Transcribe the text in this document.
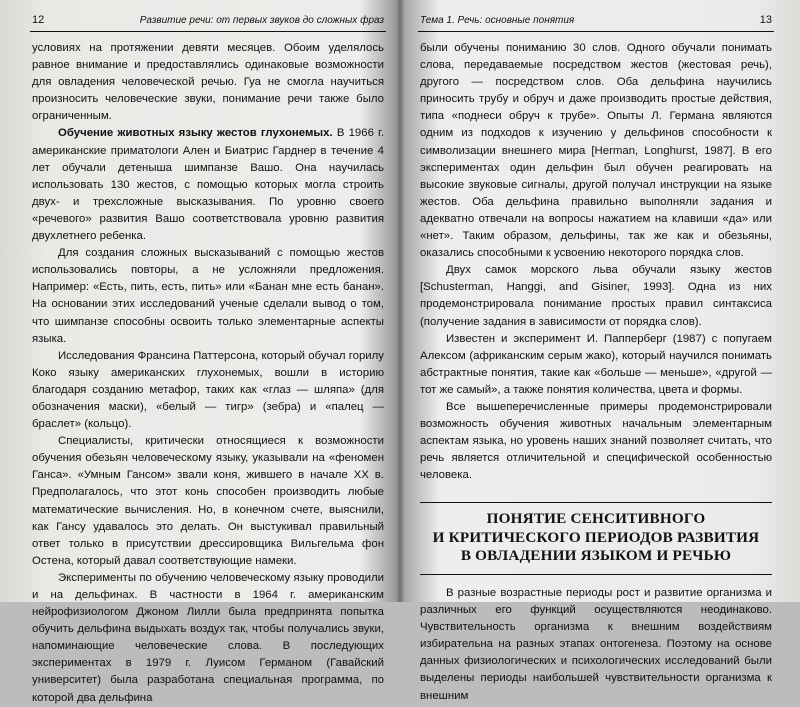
12	Развитие речи: от первых звуков до сложных фраз

условиях на протяжении девяти месяцев. Обоим уделялось равное внимание и предоставлялись одинаковые возможности для овладения человеческой речью. Гуа не смогла научиться произносить человеческие звуки, понимание речи также было ограниченным.

Обучение животных языку жестов глухонемых. В 1966 г. американские приматологи Ален и Биатрис Гарднер в течение 4 лет обучали детеныша шимпанзе Вашо. Она научилась использовать 130 жестов, с помощью которых могла строить двух- и трехсложные высказывания. По уровню своего «речевого» развития Вашо соответствовала уровню развития двухлетнего ребенка.

Для создания сложных высказываний с помощью жестов использовались повторы, а не усложняли предложения. Например: «Есть, пить, есть, пить» или «Банан мне есть банан». На основании этих исследований ученые сделали вывод о том, что шимпанзе способны освоить только элементарные аспекты языка.

Исследования Франсина Паттерсона, который обучал горилу Коко языку американских глухонемых, вошли в историю благодаря созданию метафор, таких как «глаз — шляпа» (для обозначения маски), «белый — тигр» (зебра) и «палец — браслет» (кольцо).

Специалисты, критически относящиеся к возможности обучения обезьян человеческому языку, указывали на «феномен Ганса». «Умным Гансом» звали коня, жившего в начале XX в. Предполагалось, что этот конь способен производить любые математические вычисления. Но, в конечном счете, выяснили, как Гансу удавалось это делать. Он выстукивал правильный ответ только в присутствии дрессировщика Вильгельма фон Остена, который давал соответствующие намеки.

Эксперименты по обучению человеческому языку проводили и на дельфинах. В частности в 1964 г. американским нейрофизиологом Джоном Лилли была предпринята попытка обучить дельфина выдыхать воздух так, чтобы получались звуки, напоминающие человеческие слова. В последующих экспериментах в 1979 г. Луисом Германом (Гавайский университет) была разработана специальная программа, по которой два дельфина

Тема 1. Речь: основные понятия	13

были обучены пониманию 30 слов. Одного обучали понимать слова, передаваемые посредством жестов (жестовая речь), другого — посредством слов. Оба дельфина научились приносить трубу и обруч и даже производить простые действия, типа «поднеси обруч к трубе». Опыты Л. Германа являются одним из подходов к изучению у дельфинов способности к символизации внешнего мира [Herman, Longhurst, 1987]. В его экспериментах один дельфин был обучен реагировать на высокие звуковые сигналы, другой получал инструкции на языке жестов. Оба дельфина правильно выполняли задания и адекватно отвечали на вопросы нажатием на клавиши «да» или «нет». Таким образом, дельфины, так же как и обезьяны, оказались способными к усвоению некоторого порядка слов.

Двух самок морского льва обучали языку жестов [Schusterman, Hanggi, and Gisiner, 1993]. Одна из них продемонстрировала понимание простых правил синтаксиса (получение задания в зависимости от порядка слов).

Известен и эксперимент И. Папперберг (1987) с попугаем Алексом (африканским серым жако), который научился понимать абстрактные понятия, такие как «больше — меньше», «другой — тот же самый», а также понятия количества, цвета и формы.

Все вышеперечисленные примеры продемонстрировали возможность обучения животных начальным элементарным аспектам языка, но уровень наших знаний позволяет считать, что речь является отличительной и специфической особенностью человека.

ПОНЯТИЕ СЕНСИТИВНОГО
И КРИТИЧЕСКОГО ПЕРИОДОВ РАЗВИТИЯ
В ОВЛАДЕНИИ ЯЗЫКОМ И РЕЧЬЮ

В разные возрастные периоды рост и развитие организма и различных его функций осуществляются неодинаково. Чувствительность организма к внешним воздействиям избирательна на разных этапах онтогенеза. Поэтому на основе данных физиологических и психологических исследований были выделены периоды наибольшей чувствительности организма к внешним
